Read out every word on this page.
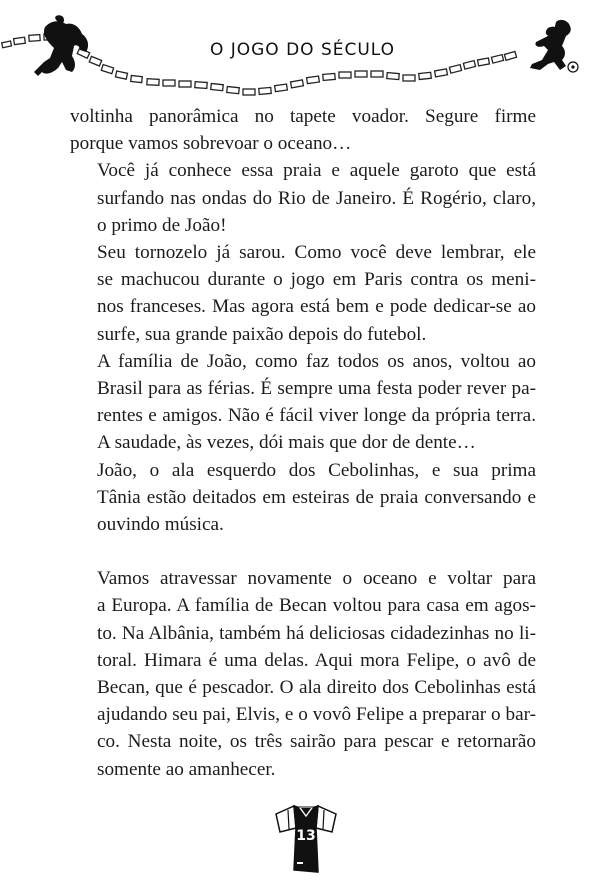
O JOGO DO SÉCULO

voltinha panorâmica no tapete voador. Segure firme
porque vamos sobrevoar o oceano…

Você já conhece essa praia e aquele garoto que está
surfando nas ondas do Rio de Janeiro. É Rogério, claro,
o primo de João!

Seu tornozelo já sarou. Como você deve lembrar, ele
se machucou durante o jogo em Paris contra os meni-
nos franceses. Mas agora está bem e pode dedicar-se ao
surfe, sua grande paixão depois do futebol.

A família de João, como faz todos os anos, voltou ao
Brasil para as férias. É sempre uma festa poder rever pa-
rentes e amigos. Não é fácil viver longe da própria terra.
A saudade, às vezes, dói mais que dor de dente…

João, o ala esquerdo dos Cebolinhas, e sua prima
Tânia estão deitados em esteiras de praia conversando e
ouvindo música.

Vamos atravessar novamente o oceano e voltar para
a Europa. A família de Becan voltou para casa em agos-
to. Na Albânia, também há deliciosas cidadezinhas no li-
toral. Himara é uma delas. Aqui mora Felipe, o avô de
Becan, que é pescador. O ala direito dos Cebolinhas está
ajudando seu pai, Elvis, e o vovô Felipe a preparar o bar-
co. Nesta noite, os três sairão para pescar e retornarão
somente ao amanhecer.

13
